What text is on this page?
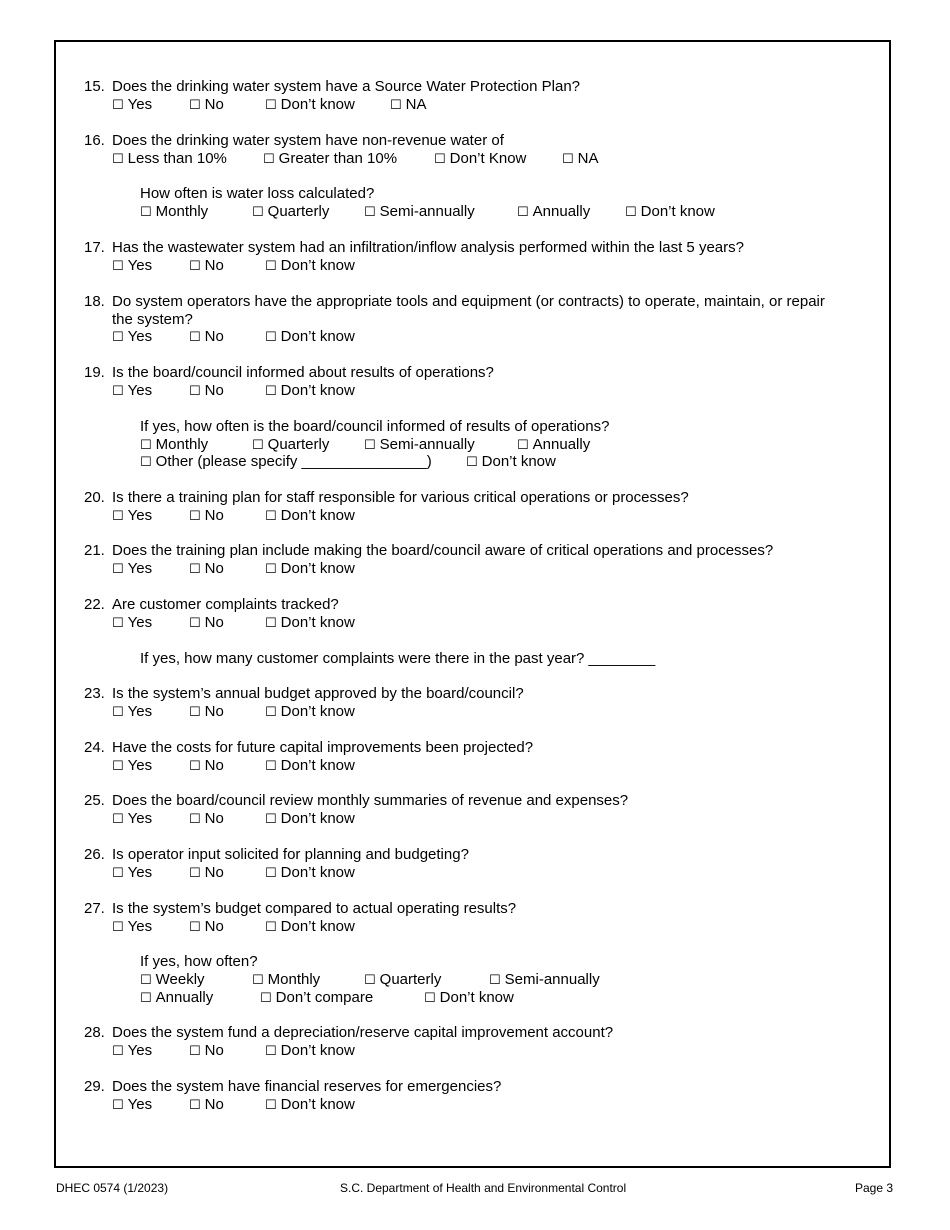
15. Does the drinking water system have a Source Water Protection Plan?
☐ Yes	☐ No	☐ Don’t know	☐ NA
16. Does the drinking water system have non-revenue water of
☐ Less than 10%	☐ Greater than 10%	☐ Don’t Know	☐ NA
How often is water loss calculated?
☐ Monthly	☐ Quarterly	☐ Semi-annually	☐ Annually	☐ Don’t know
17. Has the wastewater system had an infiltration/inflow analysis performed within the last 5 years?
☐ Yes	☐ No	☐ Don’t know
18. Do system operators have the appropriate tools and equipment (or contracts) to operate, maintain, or repair
the system?
☐ Yes	☐ No	☐ Don’t know
19. Is the board/council informed about results of operations?
☐ Yes	☐ No	☐ Don’t know
If yes, how often is the board/council informed of results of operations?
☐ Monthly	☐ Quarterly	☐ Semi-annually	☐ Annually
☐ Other (please specify _______________)	☐ Don’t know
20. Is there a training plan for staff responsible for various critical operations or processes?
☐ Yes	☐ No	☐ Don’t know
21. Does the training plan include making the board/council aware of critical operations and processes?
☐ Yes	☐ No	☐ Don’t know
22. Are customer complaints tracked?
☐ Yes	☐ No	☐ Don’t know
If yes, how many customer complaints were there in the past year? ________
23. Is the system’s annual budget approved by the board/council?
☐ Yes	☐ No	☐ Don’t know
24. Have the costs for future capital improvements been projected?
☐ Yes	☐ No	☐ Don’t know
25. Does the board/council review monthly summaries of revenue and expenses?
☐ Yes	☐ No	☐ Don’t know
26. Is operator input solicited for planning and budgeting?
☐ Yes	☐ No	☐ Don’t know
27. Is the system’s budget compared to actual operating results?
☐ Yes	☐ No	☐ Don’t know
If yes, how often?
☐ Weekly	☐ Monthly	☐ Quarterly	☐ Semi-annually
☐ Annually	☐ Don’t compare	☐ Don’t know
28. Does the system fund a depreciation/reserve capital improvement account?
☐ Yes	☐ No	☐ Don’t know
29. Does the system have financial reserves for emergencies?
☐ Yes	☐ No	☐ Don’t know
DHEC 0574 (1/2023)	S.C. Department of Health and Environmental Control	Page 3
